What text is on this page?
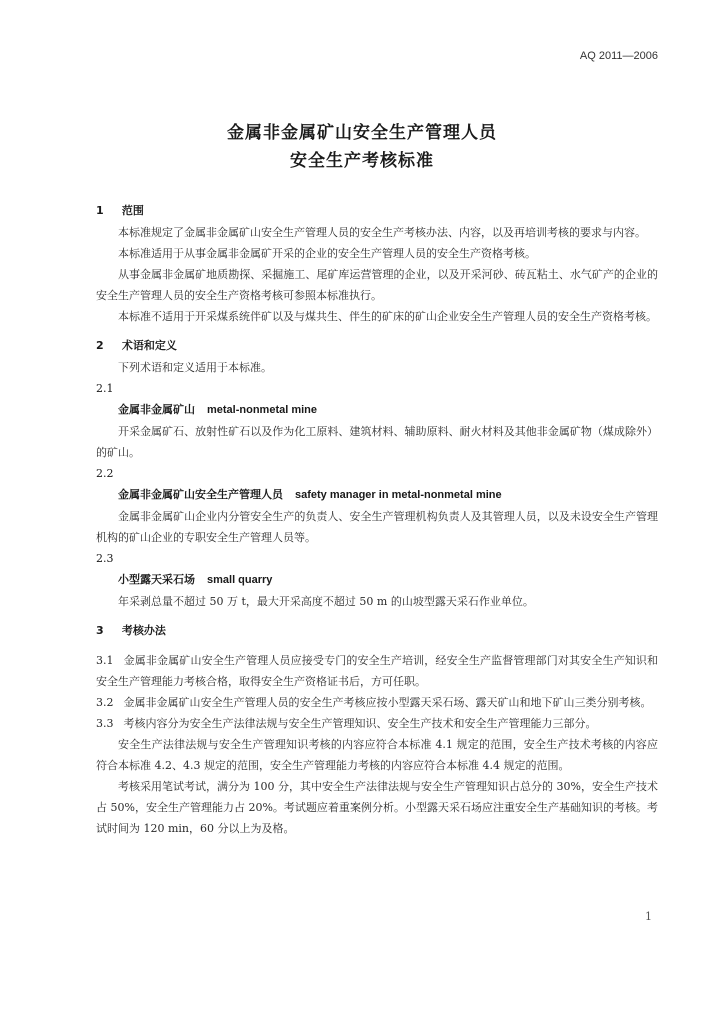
AQ 2011—2006
金属非金属矿山安全生产管理人员
安全生产考核标准

1 范围

本标准规定了金属非金属矿山安全生产管理人员的安全生产考核办法、内容，以及再培训考核的要求与内容。

本标准适用于从事金属非金属矿开采的企业的安全生产管理人员的安全生产资格考核。

从事金属非金属矿地质勘探、采掘施工、尾矿库运营管理的企业，以及开采河砂、砖瓦粘土、水气矿产的企业的安全生产管理人员的安全生产资格考核可参照本标准执行。

本标准不适用于开采煤系统伴矿以及与煤共生、伴生的矿床的矿山企业安全生产管理人员的安全生产资格考核。

2 术语和定义

下列术语和定义适用于本标准。

2.1

金属非金属矿山 metal-nonmetal mine

开采金属矿石、放射性矿石以及作为化工原料、建筑材料、辅助原料、耐火材料及其他非金属矿物（煤成除外）的矿山。

2.2

金属非金属矿山安全生产管理人员 safety manager in metal-nonmetal mine

金属非金属矿山企业内分管安全生产的负责人、安全生产管理机构负责人及其管理人员，以及未设安全生产管理机构的矿山企业的专职安全生产管理人员等。

2.3

小型露天采石场 small quarry

年采剥总量不超过 50 万 t，最大开采高度不超过 50 m 的山坡型露天采石作业单位。

3 考核办法

3.1 金属非金属矿山安全生产管理人员应接受专门的安全生产培训，经安全生产监督管理部门对其安全生产知识和安全生产管理能力考核合格，取得安全生产资格证书后，方可任职。

3.2 金属非金属矿山安全生产管理人员的安全生产考核应按小型露天采石场、露天矿山和地下矿山三类分别考核。

3.3 考核内容分为安全生产法律法规与安全生产管理知识、安全生产技术和安全生产管理能力三部分。

安全生产法律法规与安全生产管理知识考核的内容应符合本标准 4.1 规定的范围，安全生产技术考核的内容应符合本标准 4.2、4.3 规定的范围，安全生产管理能力考核的内容应符合本标准 4.4 规定的范围。

考核采用笔试考试，满分为 100 分，其中安全生产法律法规与安全生产管理知识占总分的 30%，安全生产技术占 50%，安全生产管理能力占 20%。考试题应着重案例分析。小型露天采石场应注重安全生产基础知识的考核。考试时间为 120 min，60 分以上为及格。

1
